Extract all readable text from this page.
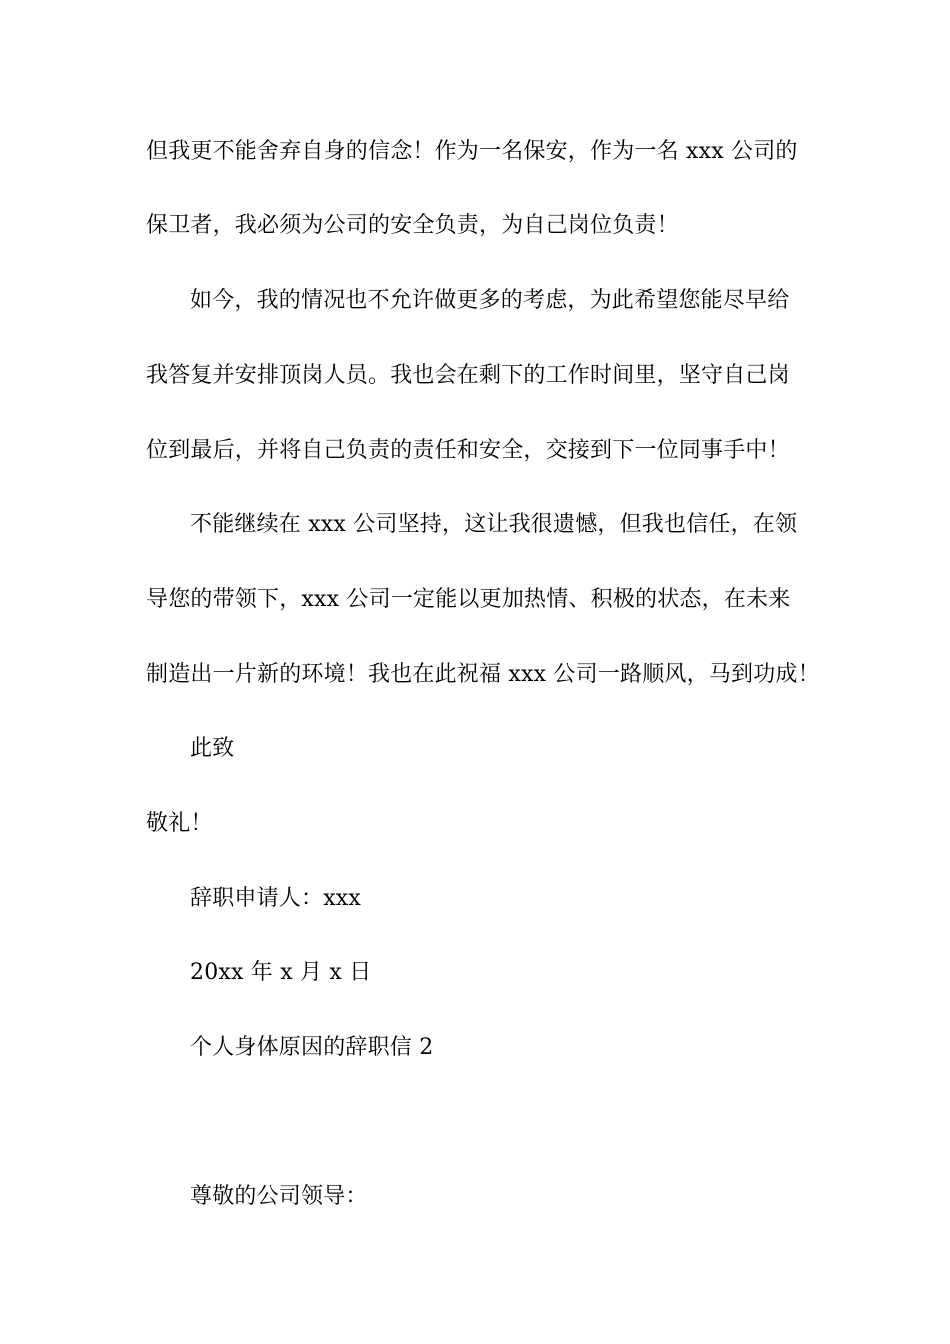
但我更不能舍弃自身的信念！作为一名保安，作为一名 xxx 公司的
保卫者，我必须为公司的安全负责，为自己岗位负责！
如今，我的情况也不允许做更多的考虑，为此希望您能尽早给
我答复并安排顶岗人员。我也会在剩下的工作时间里，坚守自己岗
位到最后，并将自己负责的责任和安全，交接到下一位同事手中！
不能继续在 xxx 公司坚持，这让我很遗憾，但我也信任，在领
导您的带领下，xxx 公司一定能以更加热情、积极的状态，在未来
制造出一片新的环境！我也在此祝福 xxx 公司一路顺风，马到功成！
此致
敬礼！
辞职申请人：xxx
20xx 年 x 月 x 日
个人身体原因的辞职信 2
尊敬的公司领导：
